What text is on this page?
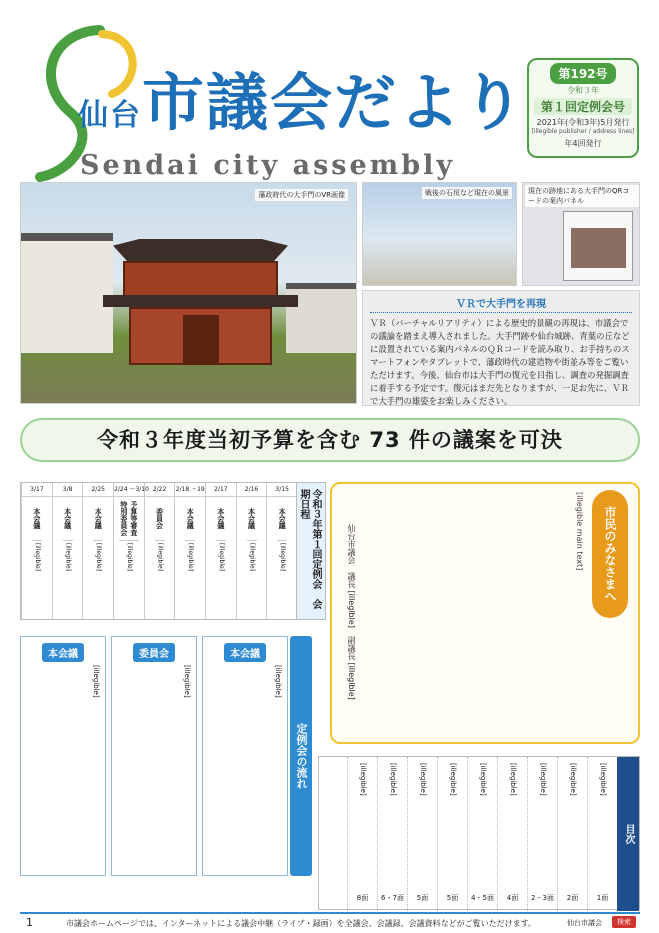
仙台市議会だより
Sendai city assembly
第192号
令和３年
第１回定例会号
2021年(令和3年)5月発行
[illegible publisher / address lines]
年4回発行
藩政時代の大手門のVR画像	戦後の石垣など現在の風景	現在の跡地にある大手門のQRコードの案内パネル
ＶＲで大手門を再現
ＶＲ（バーチャルリアリティ）による歴史的景観の再現は、市議会での議論を踏まえ導入されました。大手門跡や仙台城跡、青葉の丘などに設置されている案内パネルのＱＲコードを読み取り、お手持ちのスマートフォンやタブレットで、藩政時代の建造物や街並み等をご覧いただけます。今後、仙台市は大手門の復元を目指し、調査の発掘調査に着手する予定です。復元はまだ先となりますが、一足お先に、ＶＲで大手門の雄姿をお楽しみください。
令和３年度当初予算を含む 73 件の議案を可決
3/15
本会議
[illegible]
2/16
本会議
[illegible]
2/17
本会議
[illegible]
2/18 ・19
本会議
[illegible]
2/22
委員会
[illegible]
2/24 〜3/10
予算等審査特別委員会
[illegible]
2/25
本会議
[illegible]
3/8
本会議
[illegible]
3/17
本会議
[illegible]	令和３年第１回定例会　会期日程
本会議
[illegible]
委員会
[illegible]
本会議
[illegible]
定例会の流れ
市民のみなさまへ
[illegible main text]
仙台市議会　議長 [illegible]　副議長 [illegible]
目次
[illegible]
1面
[illegible]
2面
[illegible]
2・3面
[illegible]
4面
[illegible]
4・5面
[illegible]
5面
[illegible]
5面
[illegible]
6・7面
[illegible]
8面
1	市議会ホームページでは、インターネットによる議会中継（ライブ・録画）を全議会、会議録、会議資料などがご覧いただけます。	仙台市議会	検索
